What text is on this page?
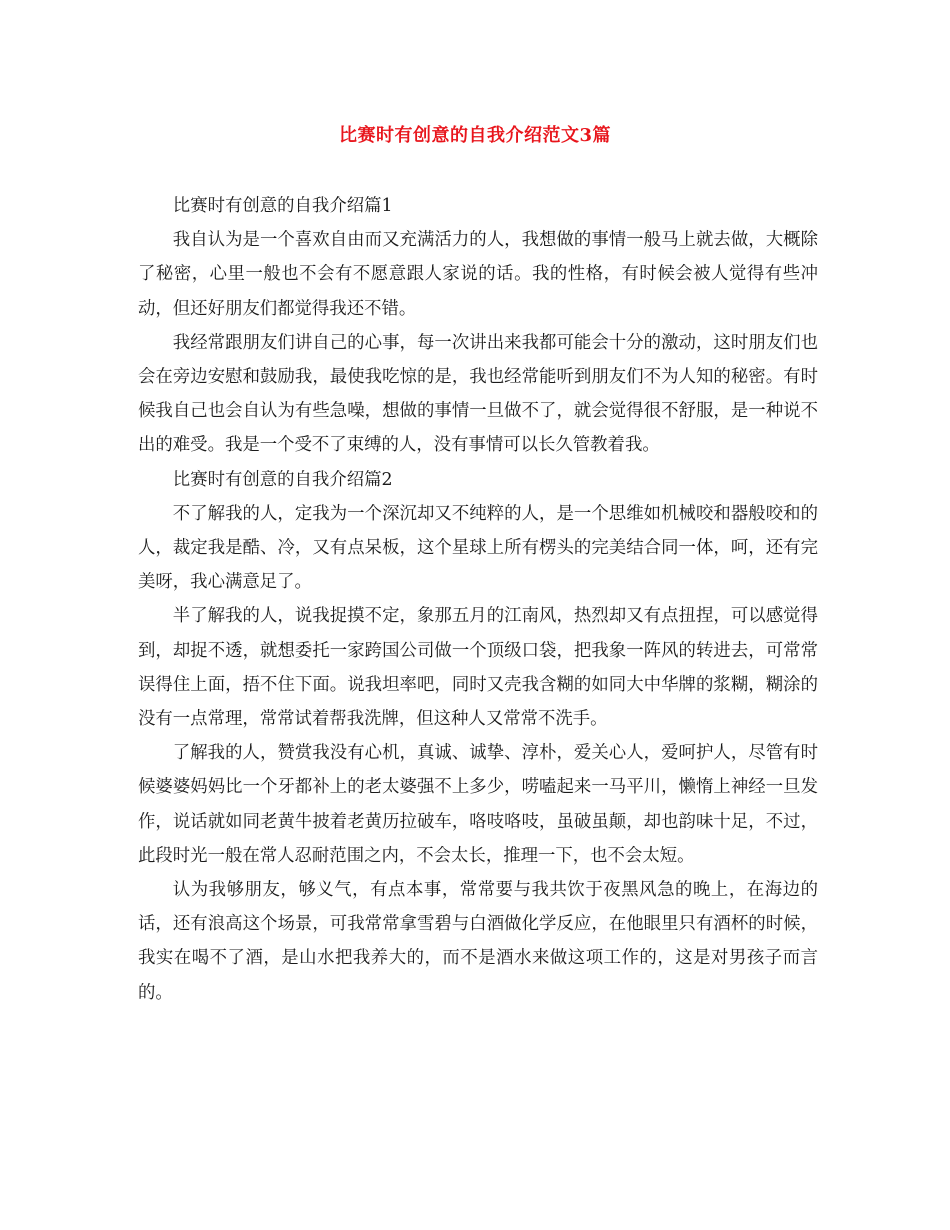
比赛时有创意的自我介绍范文3篇

比赛时有创意的自我介绍篇1

我自认为是一个喜欢自由而又充满活力的人，我想做的事情一般马上就去做，大概除了秘密，心里一般也不会有不愿意跟人家说的话。我的性格，有时候会被人觉得有些冲动，但还好朋友们都觉得我还不错。

我经常跟朋友们讲自己的心事，每一次讲出来我都可能会十分的激动，这时朋友们也会在旁边安慰和鼓励我，最使我吃惊的是，我也经常能听到朋友们不为人知的秘密。有时候我自己也会自认为有些急噪，想做的事情一旦做不了，就会觉得很不舒服，是一种说不出的难受。我是一个受不了束缚的人，没有事情可以长久管教着我。

比赛时有创意的自我介绍篇2

不了解我的人，定我为一个深沉却又不纯粹的人，是一个思维如机械咬和器般咬和的人，裁定我是酷、冷，又有点呆板，这个星球上所有楞头的完美结合同一体，呵，还有完美呀，我心满意足了。

半了解我的人，说我捉摸不定，象那五月的江南风，热烈却又有点扭捏，可以感觉得到，却捉不透，就想委托一家跨国公司做一个顶级口袋，把我象一阵风的转进去，可常常误得住上面，捂不住下面。说我坦率吧，同时又壳我含糊的如同大中华牌的浆糊，糊涂的没有一点常理，常常试着帮我洗牌，但这种人又常常不洗手。

了解我的人，赞赏我没有心机，真诚、诚挚、淳朴，爱关心人，爱呵护人，尽管有时候婆婆妈妈比一个牙都补上的老太婆强不上多少，唠嗑起来一马平川，懒惰上神经一旦发作，说话就如同老黄牛披着老黄历拉破车，咯吱咯吱，虽破虽颠，却也韵味十足，不过，此段时光一般在常人忍耐范围之内，不会太长，推理一下，也不会太短。

认为我够朋友，够义气，有点本事，常常要与我共饮于夜黑风急的晚上，在海边的话，还有浪高这个场景，可我常常拿雪碧与白酒做化学反应，在他眼里只有酒杯的时候，我实在喝不了酒，是山水把我养大的，而不是酒水来做这项工作的，这是对男孩子而言的。
